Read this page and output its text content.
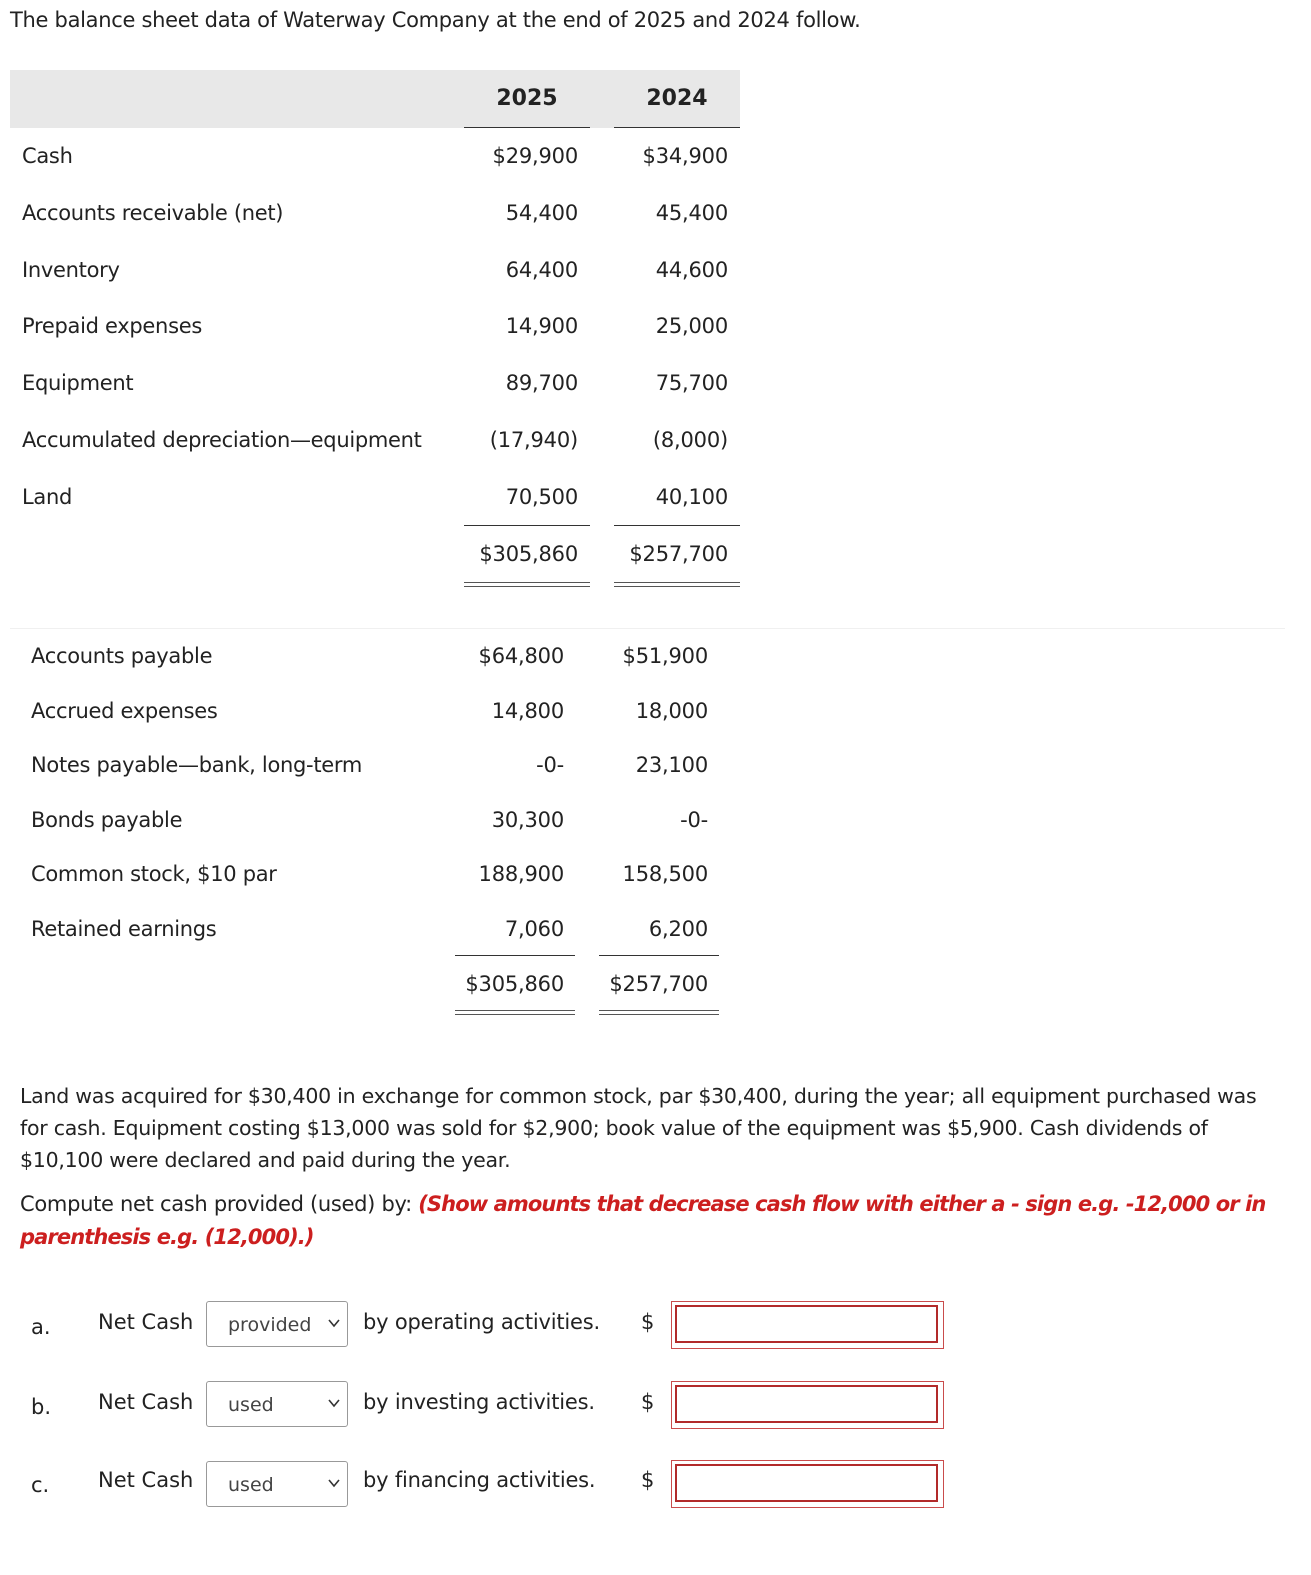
The balance sheet data of Waterway Company at the end of 2025 and 2024 follow.
2025	2024
Cash	$29,900	$34,900
Accounts receivable (net)	54,400	45,400
Inventory	64,400	44,600
Prepaid expenses	14,900	25,000
Equipment	89,700	75,700
Accumulated depreciation—equipment	(17,940)	(8,000)
Land	70,500	40,100
$305,860	$257,700
Accounts payable	$64,800	$51,900
Accrued expenses	14,800	18,000
Notes payable—bank, long-term	-0-	23,100
Bonds payable	30,300	-0-
Common stock, $10 par	188,900	158,500
Retained earnings	7,060	6,200
$305,860	$257,700
Land was acquired for $30,400 in exchange for common stock, par $30,400, during the year; all equipment purchased was for cash. Equipment costing $13,000 was sold for $2,900; book value of the equipment was $5,900. Cash dividends of $10,100 were declared and paid during the year.
Compute net cash provided (used) by: (Show amounts that decrease cash flow with either a - sign e.g. -12,000 or in parenthesis e.g. (12,000).)
a. Net Cash	provided	by operating activities. $
b. Net Cash	used	by investing activities. $
c. Net Cash	used	by financing activities. $
